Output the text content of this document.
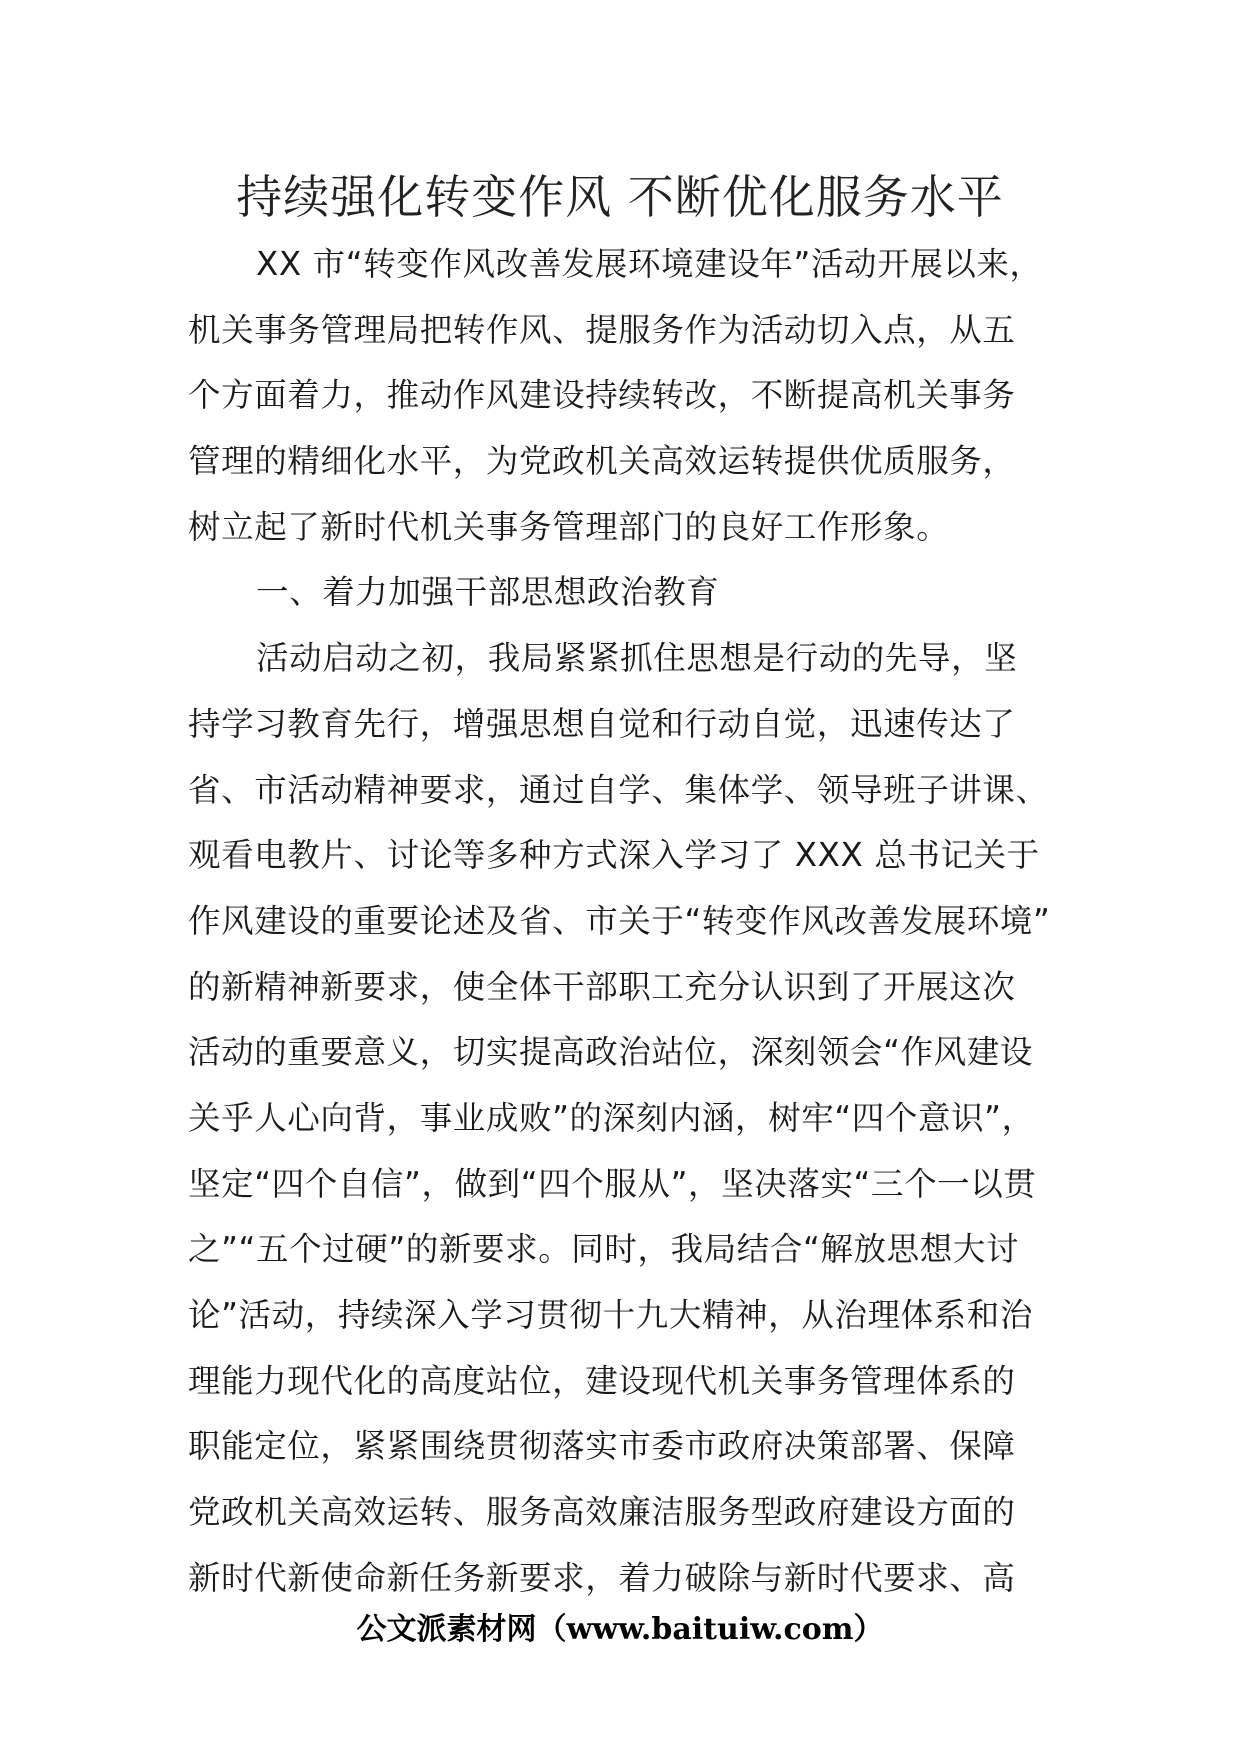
持续强化转变作风 不断优化服务水平
XX 市“转变作风改善发展环境建设年”活动开展以来，
机关事务管理局把转作风、提服务作为活动切入点，从五
个方面着力，推动作风建设持续转改，不断提高机关事务
管理的精细化水平，为党政机关高效运转提供优质服务，
树立起了新时代机关事务管理部门的良好工作形象。
一、着力加强干部思想政治教育
活动启动之初，我局紧紧抓住思想是行动的先导，坚
持学习教育先行，增强思想自觉和行动自觉，迅速传达了
省、市活动精神要求，通过自学、集体学、领导班子讲课、
观看电教片、讨论等多种方式深入学习了 XXX 总书记关于
作风建设的重要论述及省、市关于“转变作风改善发展环境”
的新精神新要求，使全体干部职工充分认识到了开展这次
活动的重要意义，切实提高政治站位，深刻领会“作风建设
关乎人心向背，事业成败”的深刻内涵，树牢“四个意识”，
坚定“四个自信”，做到“四个服从”，坚决落实“三个一以贯
之”“五个过硬”的新要求。同时，我局结合“解放思想大讨
论”活动，持续深入学习贯彻十九大精神，从治理体系和治
理能力现代化的高度站位，建设现代机关事务管理体系的
职能定位，紧紧围绕贯彻落实市委市政府决策部署、保障
党政机关高效运转、服务高效廉洁服务型政府建设方面的
新时代新使命新任务新要求，着力破除与新时代要求、高
公文派素材网（www.baituiw.com）
